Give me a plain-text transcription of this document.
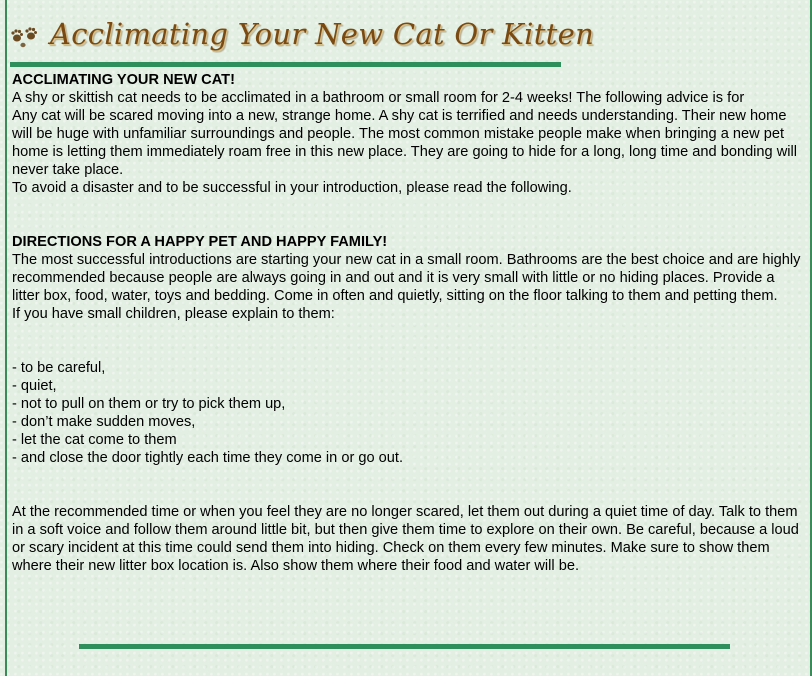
Acclimating Your New Cat Or Kitten

ACCLIMATING YOUR NEW CAT!

A shy or skittish cat needs to be acclimated in a bathroom or small room for 2-4 weeks! The following advice is for

Any cat will be scared moving into a new, strange home. A shy cat is terrified and needs understanding. Their new home will be huge with unfamiliar surroundings and people. The most common mistake people make when bringing a new pet home is letting them immediately roam free in this new place. They are going to hide for a long, long time and bonding will never take place.

To avoid a disaster and to be successful in your introduction, please read the following.

DIRECTIONS FOR A HAPPY PET AND HAPPY FAMILY!

The most successful introductions are starting your new cat in a small room. Bathrooms are the best choice and are highly recommended because people are always going in and out and it is very small with little or no hiding places. Provide a litter box, food, water, toys and bedding. Come in often and quietly, sitting on the floor talking to them and petting them.

If you have small children, please explain to them:

- to be careful,

- quiet,

- not to pull on them or try to pick them up,

- don’t make sudden moves,

- let the cat come to them

- and close the door tightly each time they come in or go out.

At the recommended time or when you feel they are no longer scared, let them out during a quiet time of day. Talk to them in a soft voice and follow them around little bit, but then give them time to explore on their own. Be careful, because a loud or scary incident at this time could send them into hiding. Check on them every few minutes. Make sure to show them where their new litter box location is. Also show them where their food and water will be.
